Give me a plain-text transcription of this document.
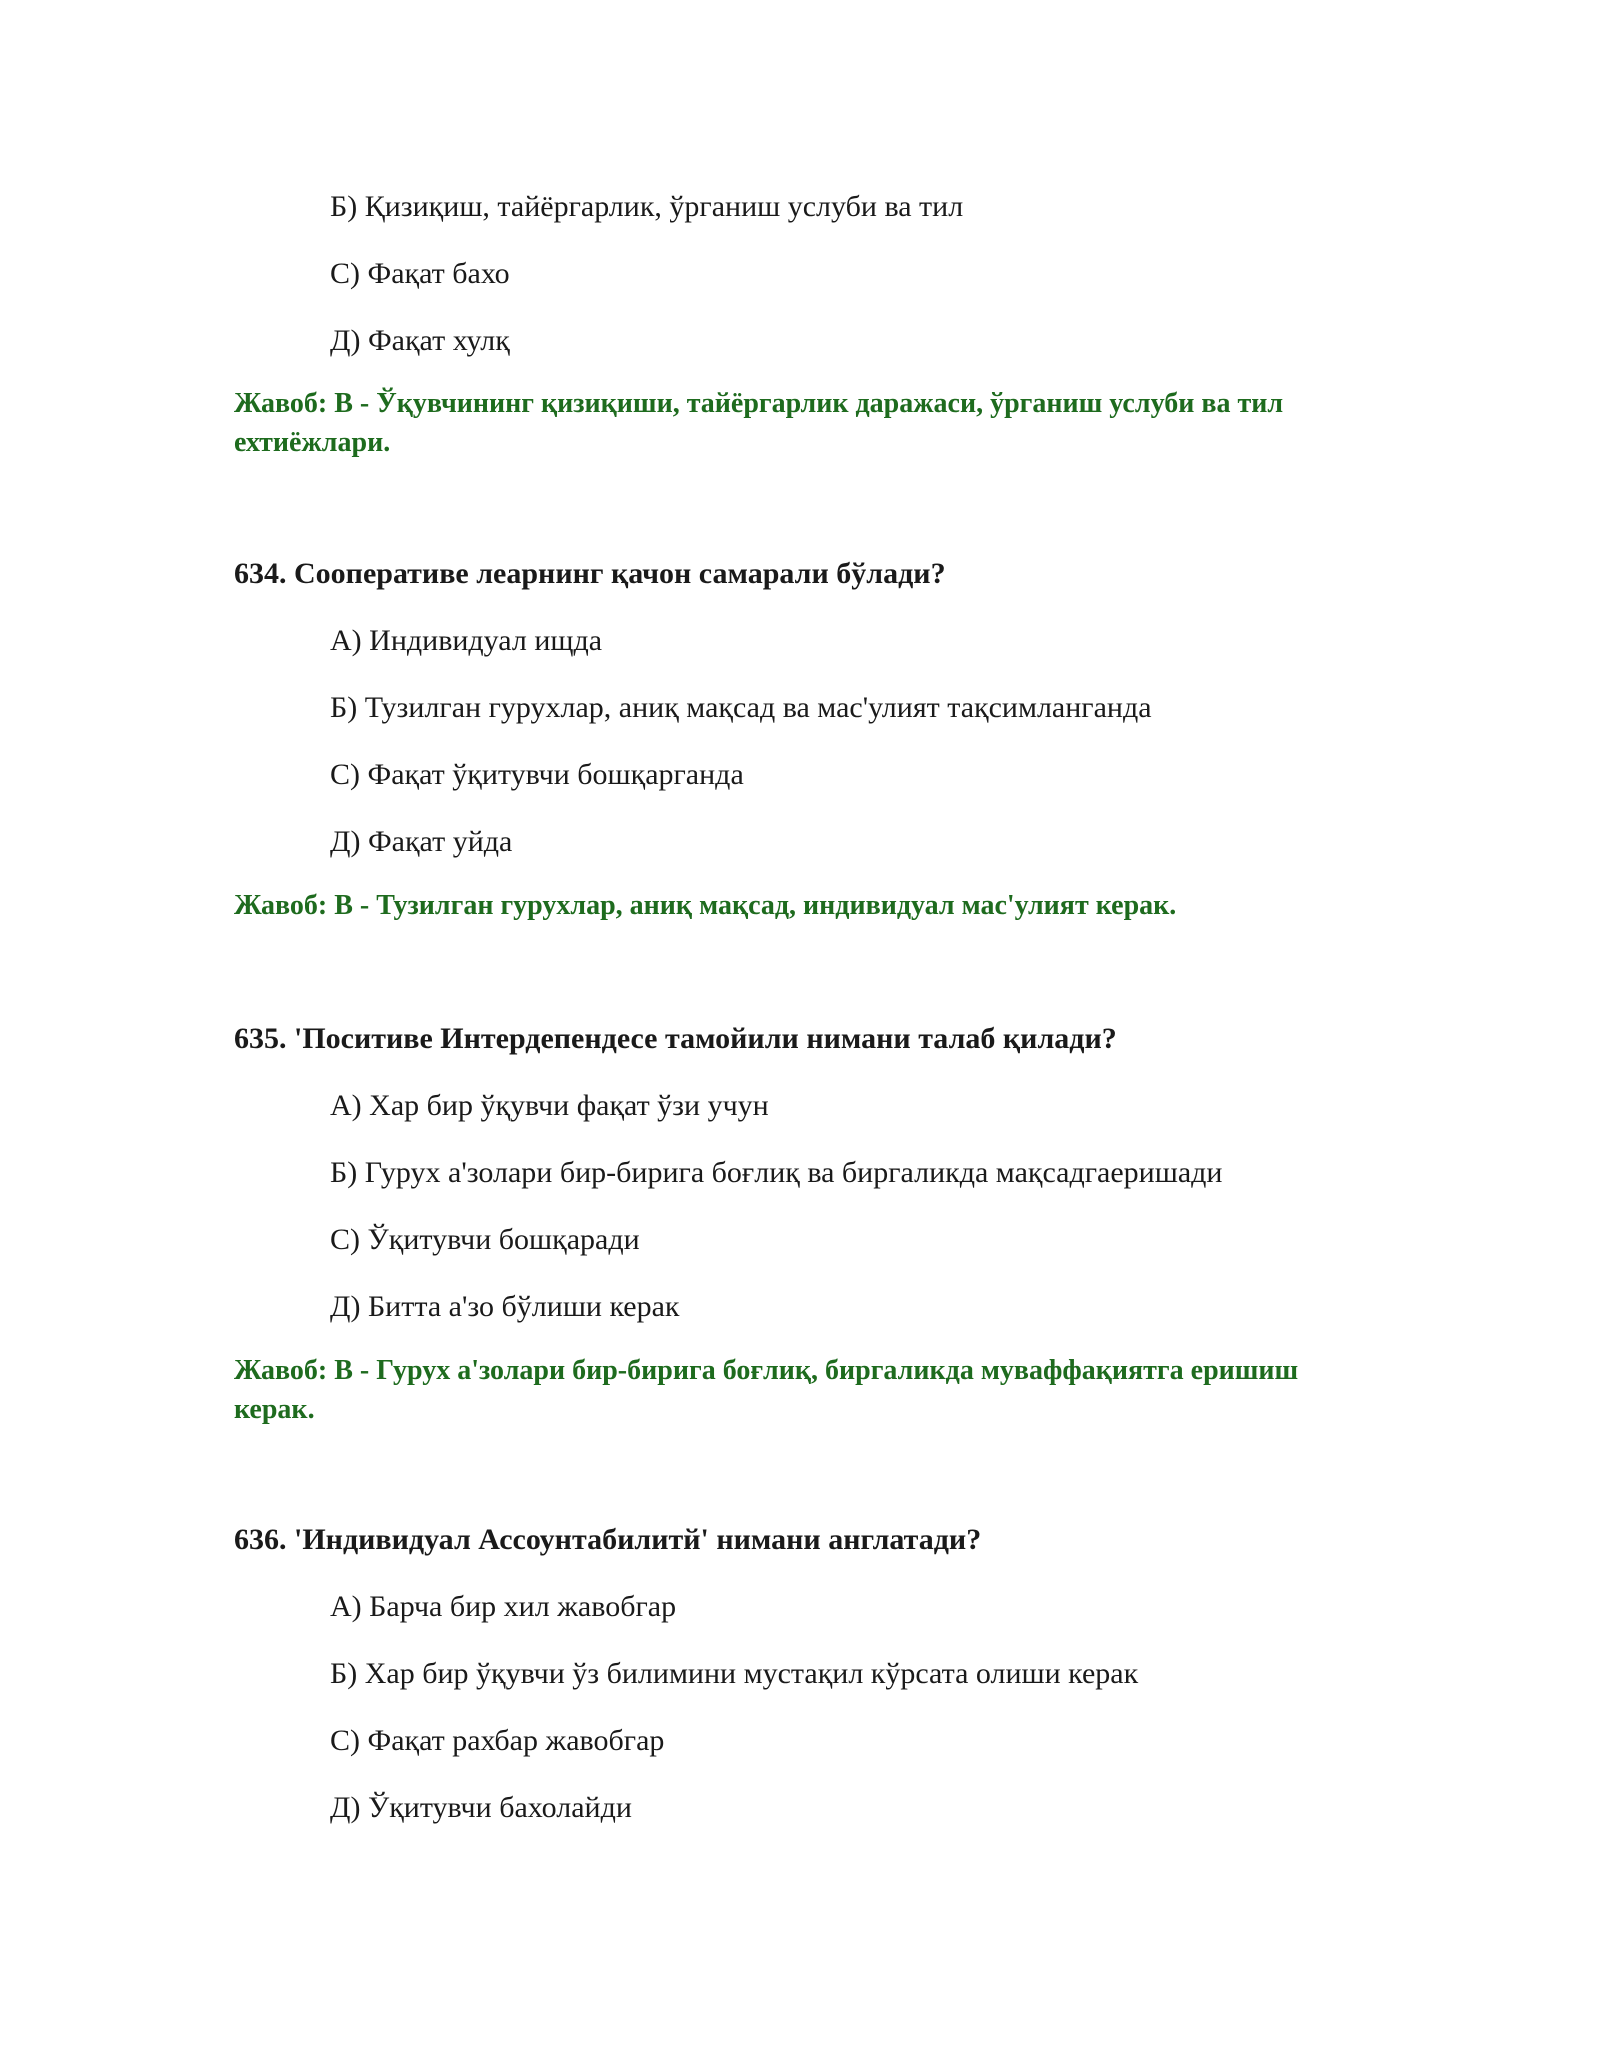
Б) Қизиқиш, тайёргарлик, ўрганиш услуби ва тил
С) Фақат бахо
Д) Фақат хулқ
Жавоб: В - Ўқувчининг қизиқиши, тайёргарлик даражаси, ўрганиш услуби ва тил ехтиёжлари.
634. Сооперативе леарнинг қачон самарали бўлади?
А) Индивидуал ищда
Б) Тузилган гурухлар, аниқ мақсад ва мас'улият тақсимланганда
С) Фақат ўқитувчи бошқарганда
Д) Фақат уйда
Жавоб: В - Тузилган гурухлар, аниқ мақсад, индивидуал мас'улият керак.
635. 'Поситиве Интердепендесе тамойили нимани талаб қилади?
А) Хар бир ўқувчи фақат ўзи учун
Б) Гурух а'золари бир-бирига боғлиқ ва биргаликда мақсадгаеришади
С) Ўқитувчи бошқаради
Д) Битта а'зо бўлиши керак
Жавоб: В - Гурух а'золари бир-бирига боғлиқ, биргаликда муваффақиятга еришиш керак.
636. 'Индивидуал Ассоунтабилитй' нимани англатади?
А) Барча бир хил жавобгар
Б) Хар бир ўқувчи ўз билимини мустақил кўрсата олиши керак
С) Фақат рахбар жавобгар
Д) Ўқитувчи бахолайди
